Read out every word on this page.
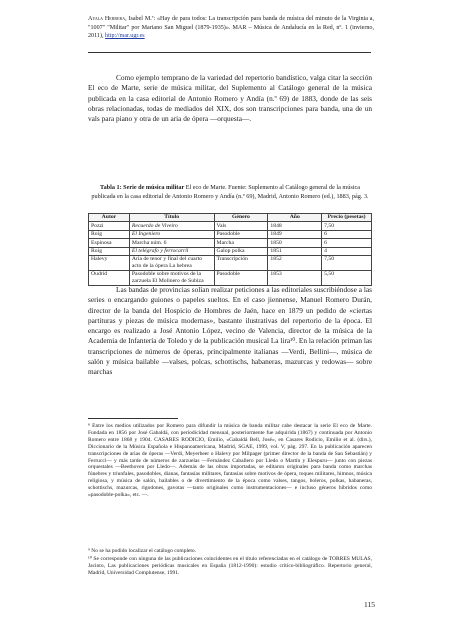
Ayala Herrera, Isabel M.ª: «Hay de para todos: La transcripción para banda de música del minuto de la Virginia a, "1007" "Militar" por Mariano San Miguel (1879-1935)». MAR – Música de Andalucía en la Red, nº. 1 (invierno, 2011), http://mar.ugr.es
Como ejemplo temprano de la variedad del repertorio bandístico, valga citar la sección El eco de Marte, serie de música militar, del Suplemento al Catálogo general de la música publicada en la casa editorial de Antonio Romero y Andía (n.º 69) de 1883, donde de las seis obras relacionadas, todas de mediados del XIX, dos son transcripciones para banda, una de un vals para piano y otra de un aria de ópera —orquesta—.
Tabla 1: Serie de música militar El eco de Marte. Fuente: Suplemento al Catálogo general de la música publicada en la casa editorial de Antonio Romero y Andía (n.º 69), Madrid, Antonio Romero (ed.), 1883, pág. 3.
Autor	Título	Género	Año	Precio (pesetas)
Pozzi	Recuerdo de Viveiro	Vals	1848	7,50
Roig	El Ingeniero	Pasodoble	1849	6
Espinosa	Marcha núm. 6	Marcha	1850	6
Roig	El telégrafo y ferrocarril	Galop polka	1851	4
Halevy	Aria de tenor y final del cuarto acto de la ópera La hebrea	Transcripción	1852	7,50
Oudrid	Pasodoble sobre motivos de la zarzuela El Molinero de Subiza	Pasodoble	1853	5,50
Las bandas de provincias solían realizar peticiones a las editoriales suscribiéndose a las series o encargando guiones o papeles sueltos. En el caso jiennense, Manuel Romero Durán, director de la banda del Hospicio de Hombres de Jaén, hace en 1879 un pedido de «ciertas partituras y piezas de música modernas», bastante ilustrativas del repertorio de la época. El encargo es realizado a José Antonio López, vecino de Valencia, director de la música de la Academia de Infantería de Toledo y de la publicación musical La lira¹⁰. En la relación priman las transcripciones de números de óperas, principalmente italianas —Verdi, Bellini—, música de salón y música bailable —valses, polcas, schottischs, habaneras, mazurcas y redowas— sobre marchas
⁸ Entre los medios utilizados por Romero para difundir la música de banda militar cabe destacar la serie El eco de Marte. Fundada en 1856 por José Gabaldá, con periodicidad mensual, posteriormente fue adquirida (1867) y continuada por Antonio Romero entre 1868 y 1904. CASARES RODICIO, Emilio, «Gabaldá Bell, José», en Casares Rodicio, Emilio et al. (dirs.), Diccionario de la Música Española e Hispanoamericana, Madrid, SGAE, 1999, vol. V, pág. 297. En la publicación aparecen transcripciones de arias de óperas —Verdi, Meyerbeer o Halevy por Milpager (primer director de la banda de San Sebastián) y Ferrucci— y más tarde de números de zarzuelas —Fernández Caballero por Lledo o Martín y Elespuru— junto con piezas orquestales —Beethoven por Lledo—. Además de las obras importadas, se editaron originales para banda como marchas fúnebres y triunfales, pasodobles, dianas, fantasías militares, fantasías sobre motivos de ópera, toques militares, himnos, música religiosa, y música de salón, bailables o de divertimiento de la época como valses, tangos, boleros, polkas, habaneras, schottischs, mazurcas, rigodones, gavotas —tanto originales como instrumentaciones— e incluso géneros híbridos como «pasodoble-polka», etc. —.
⁹ No se ha podido localizar el catálogo completo.
¹⁰ Se corresponde con ninguna de las publicaciones coincidentes en el título referenciadas en el catálogo de TORRES MULAS, Jacinto, Las publicaciones periódicas musicales en España (1812-1990): estudio crítico-bibliográfico. Repertorio general, Madrid, Universidad Complutense, 1991.
115
